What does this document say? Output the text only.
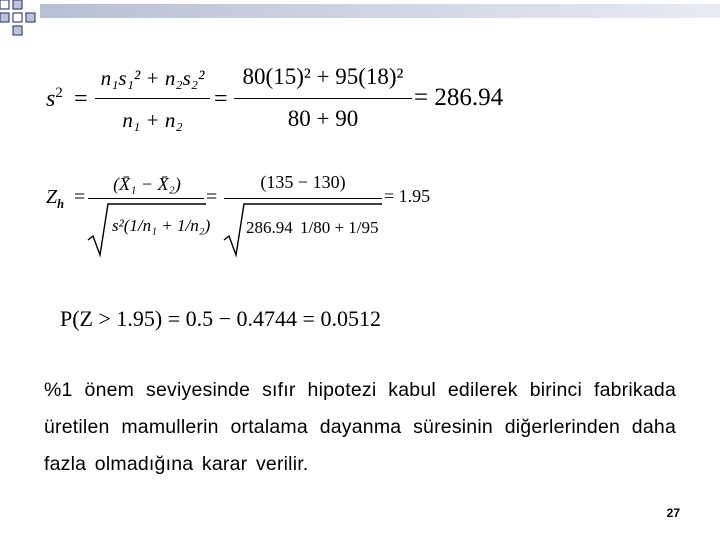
$s^2$ =
n₁s₁² + n₂s₂²
n₁ + n₂
=
80(15)² + 95(18)²
80 + 90
= 286.94
$Z_h$ =
(X̄₁ − X̄₂)
s²(1/n₁ + 1/n₂)
=
(135 − 130)
286.94 1/80 + 1/95
= 1.95
P(Z > 1.95) = 0.5 − 0.4744 = 0.0512
%1 önem seviyesinde sıfır hipotezi kabul edilerek birinci fabrikada üretilen mamullerin ortalama dayanma süresinin diğerlerinden daha fazla olmadığına karar verilir.
27
